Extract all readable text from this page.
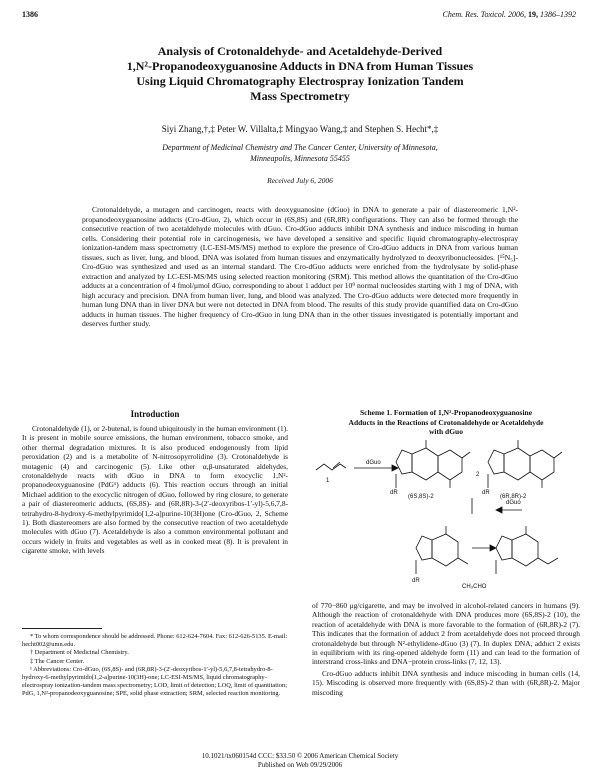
1386	Chem. Res. Toxicol. 2006, 19, 1386–1392
Analysis of Crotonaldehyde- and Acetaldehyde-Derived
1,N²-Propanodeoxyguanosine Adducts in DNA from Human Tissues
Using Liquid Chromatography Electrospray Ionization Tandem
Mass Spectrometry
Siyi Zhang,†,‡ Peter W. Villalta,‡ Mingyao Wang,‡ and Stephen S. Hecht*,‡
Department of Medicinal Chemistry and The Cancer Center, University of Minnesota,
Minneapolis, Minnesota 55455
Received July 6, 2006

Crotonaldehyde, a mutagen and carcinogen, reacts with deoxyguanosine (dGuo) in DNA to generate a pair of diastereomeric 1,N²-propanodeoxyguanosine adducts (Cro-dGuo, 2), which occur in (6S,8S) and (6R,8R) configurations. They can also be formed through the consecutive reaction of two acetaldehyde molecules with dGuo. Cro-dGuo adducts inhibit DNA synthesis and induce miscoding in human cells. Considering their potential role in carcinogenesis, we have developed a sensitive and specific liquid chromatography-electrospray ionization-tandem mass spectrometry (LC-ESI-MS/MS) method to explore the presence of Cro-dGuo adducts in DNA from various human tissues, such as liver, lung, and blood. DNA was isolated from human tissues and enzymatically hydrolyzed to deoxyribonucleosides. [¹⁵N₅]-Cro-dGuo was synthesized and used as an internal standard. The Cro-dGuo adducts were enriched from the hydrolysate by solid-phase extraction and analyzed by LC-ESI-MS/MS using selected reaction monitoring (SRM). This method allows the quantitation of the Cro-dGuo adducts at a concentration of 4 fmol/μmol dGuo, corresponding to about 1 adduct per 10⁹ normal nucleosides starting with 1 mg of DNA, with high accuracy and precision. DNA from human liver, lung, and blood was analyzed. The Cro-dGuo adducts were detected more frequently in human lung DNA than in liver DNA but were not detected in DNA from blood. The results of this study provide quantified data on Cro-dGuo adducts in human tissues. The higher frequency of Cro-dGuo in lung DNA than in the other tissues investigated is potentially important and deserves further study.

Introduction

Crotonaldehyde (1), or 2-butenal, is found ubiquitously in the human environment (1). It is present in mobile source emissions, the human environment, tobacco smoke, and other thermal degradation mixtures. It is also produced endogenously from lipid peroxidation (2) and is a metabolite of N-nitrosopyrrolidine (3). Crotonaldehyde is mutagenic (4) and carcinogenic (5). Like other α,β-unsaturated aldehydes, crotonaldehyde reacts with dGuo in DNA to form exocyclic 1,N²-propanodeoxyguanosine (PdG¹) adducts (6). This reaction occurs through an initial Michael addition to the exocyclic nitrogen of dGuo, followed by ring closure, to generate a pair of diastereomeric adducts, (6S,8S)- and (6R,8R)-3-(2′-deoxyribos-1′-yl)-5,6,7,8-tetrahydro-8-hydroxy-6-methylpyrimido[1,2-a]purine-10(3H)one (Cro-dGuo, 2, Scheme 1). Both diastereomers are also formed by the consecutive reaction of two acetaldehyde molecules with dGuo (7). Acetaldehyde is also a common environmental pollutant and occurs widely in fruits and vegetables as well as in cooked meat (8). It is prevalent in cigarette smoke, with levels

* To whom correspondence should be addressed. Phone: 612-624-7604. Fax: 612-626-5135. E-mail: hecht002@umn.edu.
† Department of Medicinal Chemistry.
‡ The Cancer Center.
¹ Abbreviations: Cro-dGuo, (6S,8S)- and (6R,8R)-3-(2′-deoxyribos-1′-yl)-5,6,7,8-tetrahydro-8-hydroxy-6-methylpyrimido[1,2-a]purine-10(3H)-one; LC-ESI-MS/MS, liquid chromatography-electrospray ionization-tandem mass spectrometry; LOD, limit of detection; LOQ, limit of quantitation; PdG, 1,N²-propanodeoxyguanosine; SPE, solid phase extraction; SRM, selected reaction monitoring.
Scheme 1. Formation of 1,N²-Propanodeoxyguanosine
Adducts in the Reactions of Crotonaldehyde or Acetaldehyde
with dGuo
1
dGuo
(6S,8S)-2	(6R,8R)-2
dR	dR
dR
2
dGuo
CH₃CHO

of 770−860 μg/cigarette, and may be involved in alcohol-related cancers in humans (9). Although the reaction of crotonaldehyde with DNA produces more (6S,8S)-2 (10), the reaction of acetaldehyde with DNA is more favorable to the formation of (6R,8R)-2 (7). This indicates that the formation of adduct 2 from acetaldehyde does not proceed through crotonaldehyde but through N²-ethylidene-dGuo (3) (7). In duplex DNA, adduct 2 exists in equilibrium with its ring-opened aldehyde form (11) and can lead to the formation of interstrand cross-links and DNA−protein cross-links (7, 12, 13).

Cro-dGuo adducts inhibit DNA synthesis and induce miscoding in human cells (14, 15). Miscoding is observed more frequently with (6S,8S)-2 than with (6R,8R)-2. Major miscoding

10.1021/tx060154d CCC: $33.50 © 2006 American Chemical Society
Published on Web 09/29/2006
